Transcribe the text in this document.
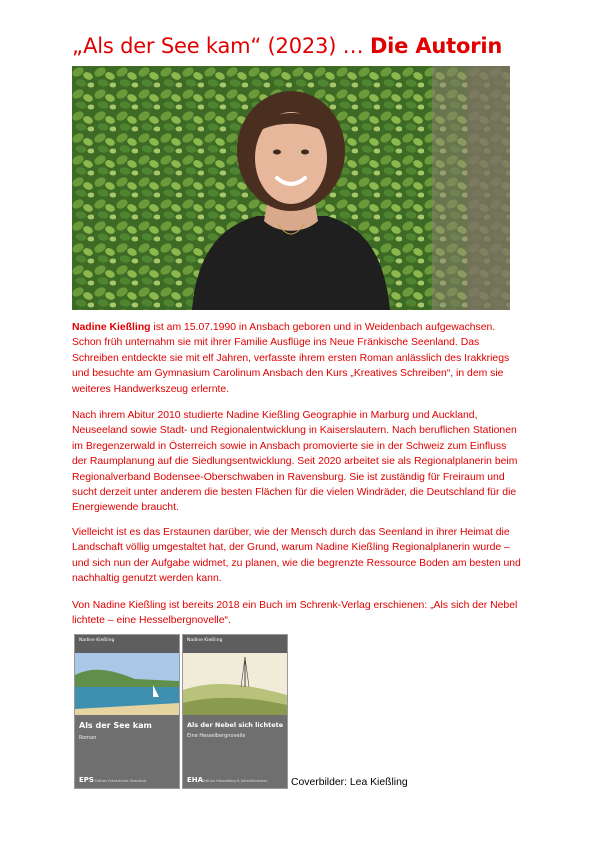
„Als der See kam“ (2023) … Die Autorin

Nadine Kießling ist am 15.07.1990 in Ansbach geboren und in Weidenbach aufgewachsen. Schon früh unternahm sie mit ihrer Familie Ausflüge ins Neue Fränkische Seenland. Das Schreiben entdeckte sie mit elf Jahren, verfasste ihrem ersten Roman anlässlich des Irakkriegs und besuchte am Gymnasium Carolinum Ansbach den Kurs „Kreatives Schreiben“, in dem sie weiteres Handwerkszeug erlernte.

Nach ihrem Abitur 2010 studierte Nadine Kießling Geographie in Marburg und Auckland, Neuseeland sowie Stadt- und Regionalentwicklung in Kaiserslautern. Nach beruflichen Stationen im Bregenzerwald in Österreich sowie in Ansbach promovierte sie in der Schweiz zum Einfluss der Raumplanung auf die Siedlungsentwicklung. Seit 2020 arbeitet sie als Regionalplanerin beim Regionalverband Bodensee-Oberschwaben in Ravensburg. Sie ist zuständig für Freiraum und sucht derzeit unter anderem die besten Flächen für die vielen Windräder, die Deutschland für die Energiewende braucht.

Vielleicht ist es das Erstaunen darüber, wie der Mensch durch das Seenland in ihrer Heimat die Landschaft völlig umgestaltet hat, der Grund, warum Nadine Kießling Regionalplanerin wurde – und sich nun der Aufgabe widmet, zu planen, wie die begrenzte Ressource Boden am besten und nachhaltig genutzt werden kann.

Von Nadine Kießling ist bereits 2018 ein Buch im Schrenk-Verlag erschienen: „Als sich der Nebel lichtete – eine Hesselbergnovelle“.

Nadine Kießling
Als der See kam
Roman
EPS Edition Fränkisches Seenland
Nadine Kießling
Als der Nebel sich lichtete
Eine Hesselbergnovelle
EHA Edition Hesselberg & Altmühlfranken	Coverbilder: Lea Kießling
